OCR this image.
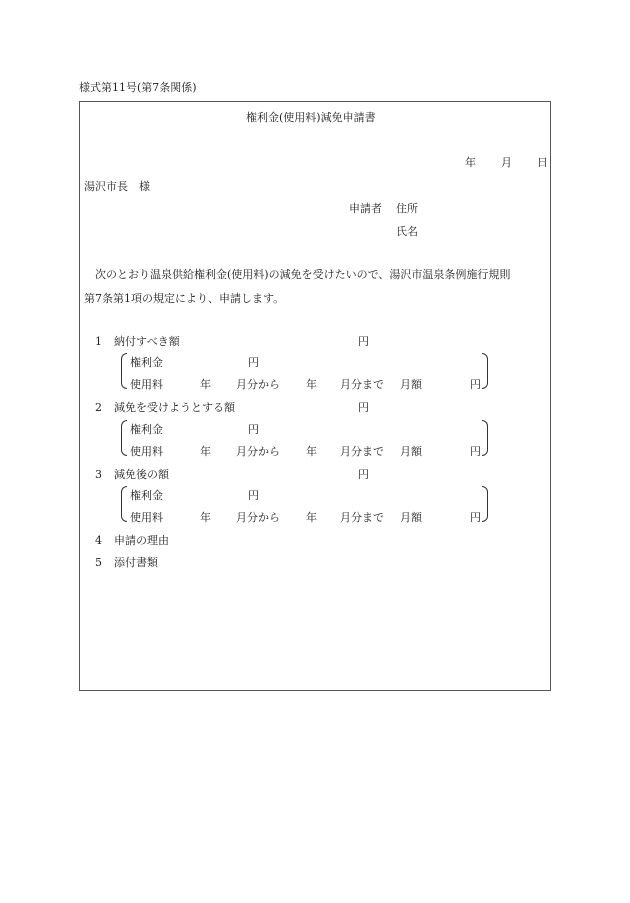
様式第11号(第7条関係)
権利金(使用料)減免申請書
年 月 日
湯沢市長　様
申請者 住所
氏名
次のとおり温泉供給権利金(使用料)の減免を受けたいので、湯沢市温泉条例施行規則
第7条第1項の規定により、申請します。
1 納付すべき額	円
権利金	円
使用料	年 月分から 年 月分まで 月額	円
2 減免を受けようとする額	円
権利金	円
使用料	年 月分から 年 月分まで 月額	円
3 減免後の額	円
権利金	円
使用料	年 月分から 年 月分まで 月額	円
4 申請の理由
5 添付書類
